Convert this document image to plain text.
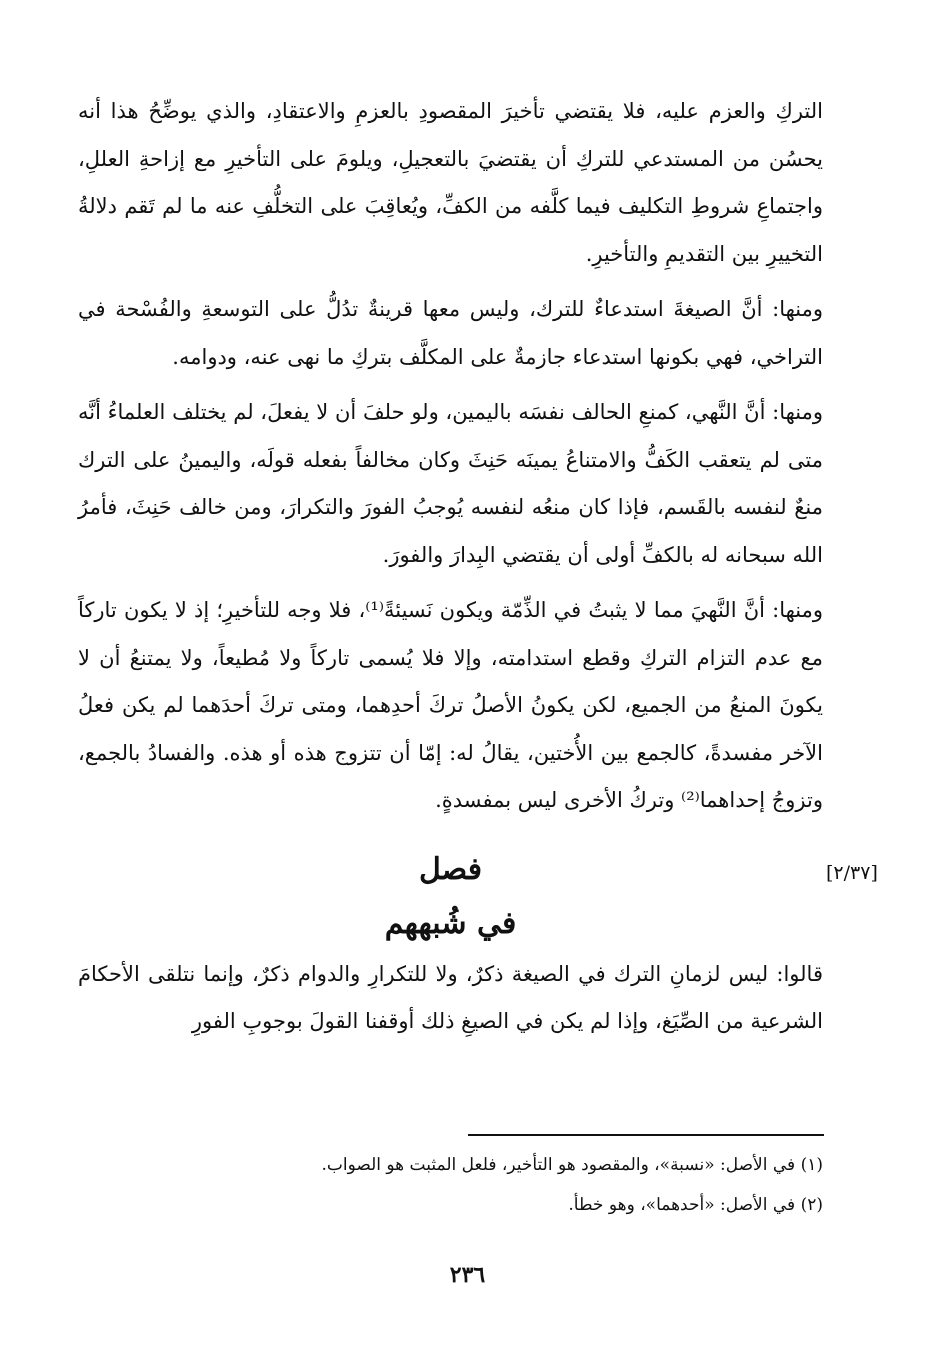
التركِ والعزم عليه، فلا يقتضي تأخيرَ المقصودِ بالعزمِ والاعتقادِ، والذي يوضِّحُ هذا أنه يحسُن من المستدعي للتركِ أن يقتضيَ بالتعجيلِ، ويلومَ على التأخيرِ مع إزاحةِ العللِ، واجتماعِ شروطِ التكليف فيما كلَّفه من الكفِّ، ويُعاقِبَ على التخلُّفِ عنه ما لم تَقم دلالةُ التخييرِ بين التقديمِ والتأخيرِ.

ومنها: أنَّ الصيغةَ استدعاءٌ للترك، وليس معها قرينةٌ تدُلُّ على التوسعةِ والفُسْحة في التراخي، فهي بكونها استدعاء جازمةٌ على المكلَّف بتركِ ما نهى عنه، ودوامه.

ومنها: أنَّ النَّهي، كمنعِ الحالف نفسَه باليمين، ولو حلفَ أن لا يفعلَ، لم يختلف العلماءُ أنَّه متى لم يتعقب الكَفُّ والامتناعُ يمينَه حَنِثَ وكان مخالفاً بفعله قولَه، واليمينُ على الترك منعٌ لنفسه بالقَسم، فإذا كان منعُه لنفسه يُوجبُ الفورَ والتكرارَ، ومن خالف حَنِثَ، فأمرُ الله سبحانه له بالكفِّ أولى أن يقتضي البِدارَ والفورَ.

ومنها: أنَّ النَّهيَ مما لا يثبتُ في الذِّمّة ويكون نَسيئةً⁽¹⁾، فلا وجه للتأخيرِ؛ إذ لا يكون تاركاً مع عدم التزام التركِ وقطع استدامته، وإلا فلا يُسمى تاركاً ولا مُطيعاً، ولا يمتنعُ أن لا يكونَ المنعُ من الجميع، لكن يكونُ الأصلُ تركَ أحدِهما، ومتى تركَ أحدَهما لم يكن فعلُ الآخر مفسدةً، كالجمع بين الأُختين، يقالُ له: إمّا أن تتزوج هذه أو هذه. والفسادُ بالجمع، وتزوجُ إحداهما⁽²⁾ وتركُ الأخرى ليس بمفسدةٍ.

فصل
في شُبههم

قالوا: ليس لزمانِ الترك في الصيغة ذكرٌ، ولا للتكرارِ والدوام ذكرٌ، وإنما نتلقى الأحكامَ الشرعية من الصِّيَغ، وإذا لم يكن في الصيغِ ذلك أوقفنا القولَ بوجوبِ الفورِ

[٢/٣٧]
(١) في الأصل: «نسبة»، والمقصود هو التأخير، فلعل المثبت هو الصواب.
(٢) في الأصل: «أحدهما»، وهو خطأ.
٢٣٦
